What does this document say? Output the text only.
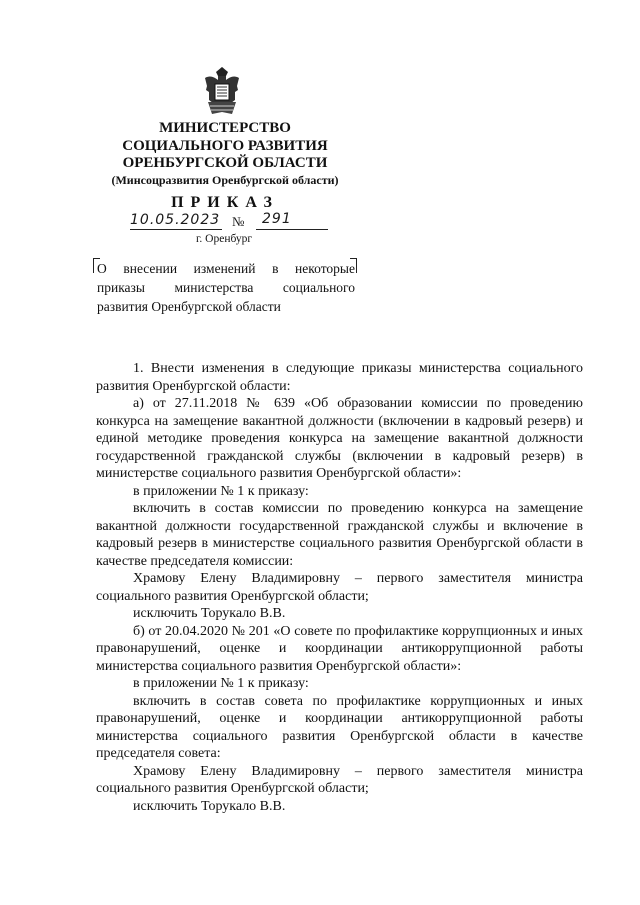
МИНИСТЕРСТВО
СОЦИАЛЬНОГО РАЗВИТИЯ
ОРЕНБУРГСКОЙ ОБЛАСТИ
(Минсоцразвития Оренбургской области)
ПРИКАЗ
10.05.2023 № 291
г. Оренбург
О внесении изменений в некоторые
приказы министерства социального
развития Оренбургской области

1. Внести изменения в следующие приказы министерства социального развития Оренбургской области:

а) от 27.11.2018 № 639 «Об образовании комиссии по проведению конкурса на замещение вакантной должности (включении в кадровый резерв) и единой методике проведения конкурса на замещение вакантной должности государственной гражданской службы (включении в кадровый резерв) в министерстве социального развития Оренбургской области»:

в приложении № 1 к приказу:

включить в состав комиссии по проведению конкурса на замещение вакантной должности государственной гражданской службы и включение в кадровый резерв в министерстве социального развития Оренбургской области в качестве председателя комиссии:

Храмову Елену Владимировну – первого заместителя министра социального развития Оренбургской области;

исключить Торукало В.В.

б) от 20.04.2020 № 201 «О совете по профилактике коррупционных и иных правонарушений, оценке и координации антикоррупционной работы министерства социального развития Оренбургской области»:

в приложении № 1 к приказу:

включить в состав совета по профилактике коррупционных и иных правонарушений, оценке и координации антикоррупционной работы министерства социального развития Оренбургской области в качестве председателя совета:

Храмову Елену Владимировну – первого заместителя министра социального развития Оренбургской области;

исключить Торукало В.В.
